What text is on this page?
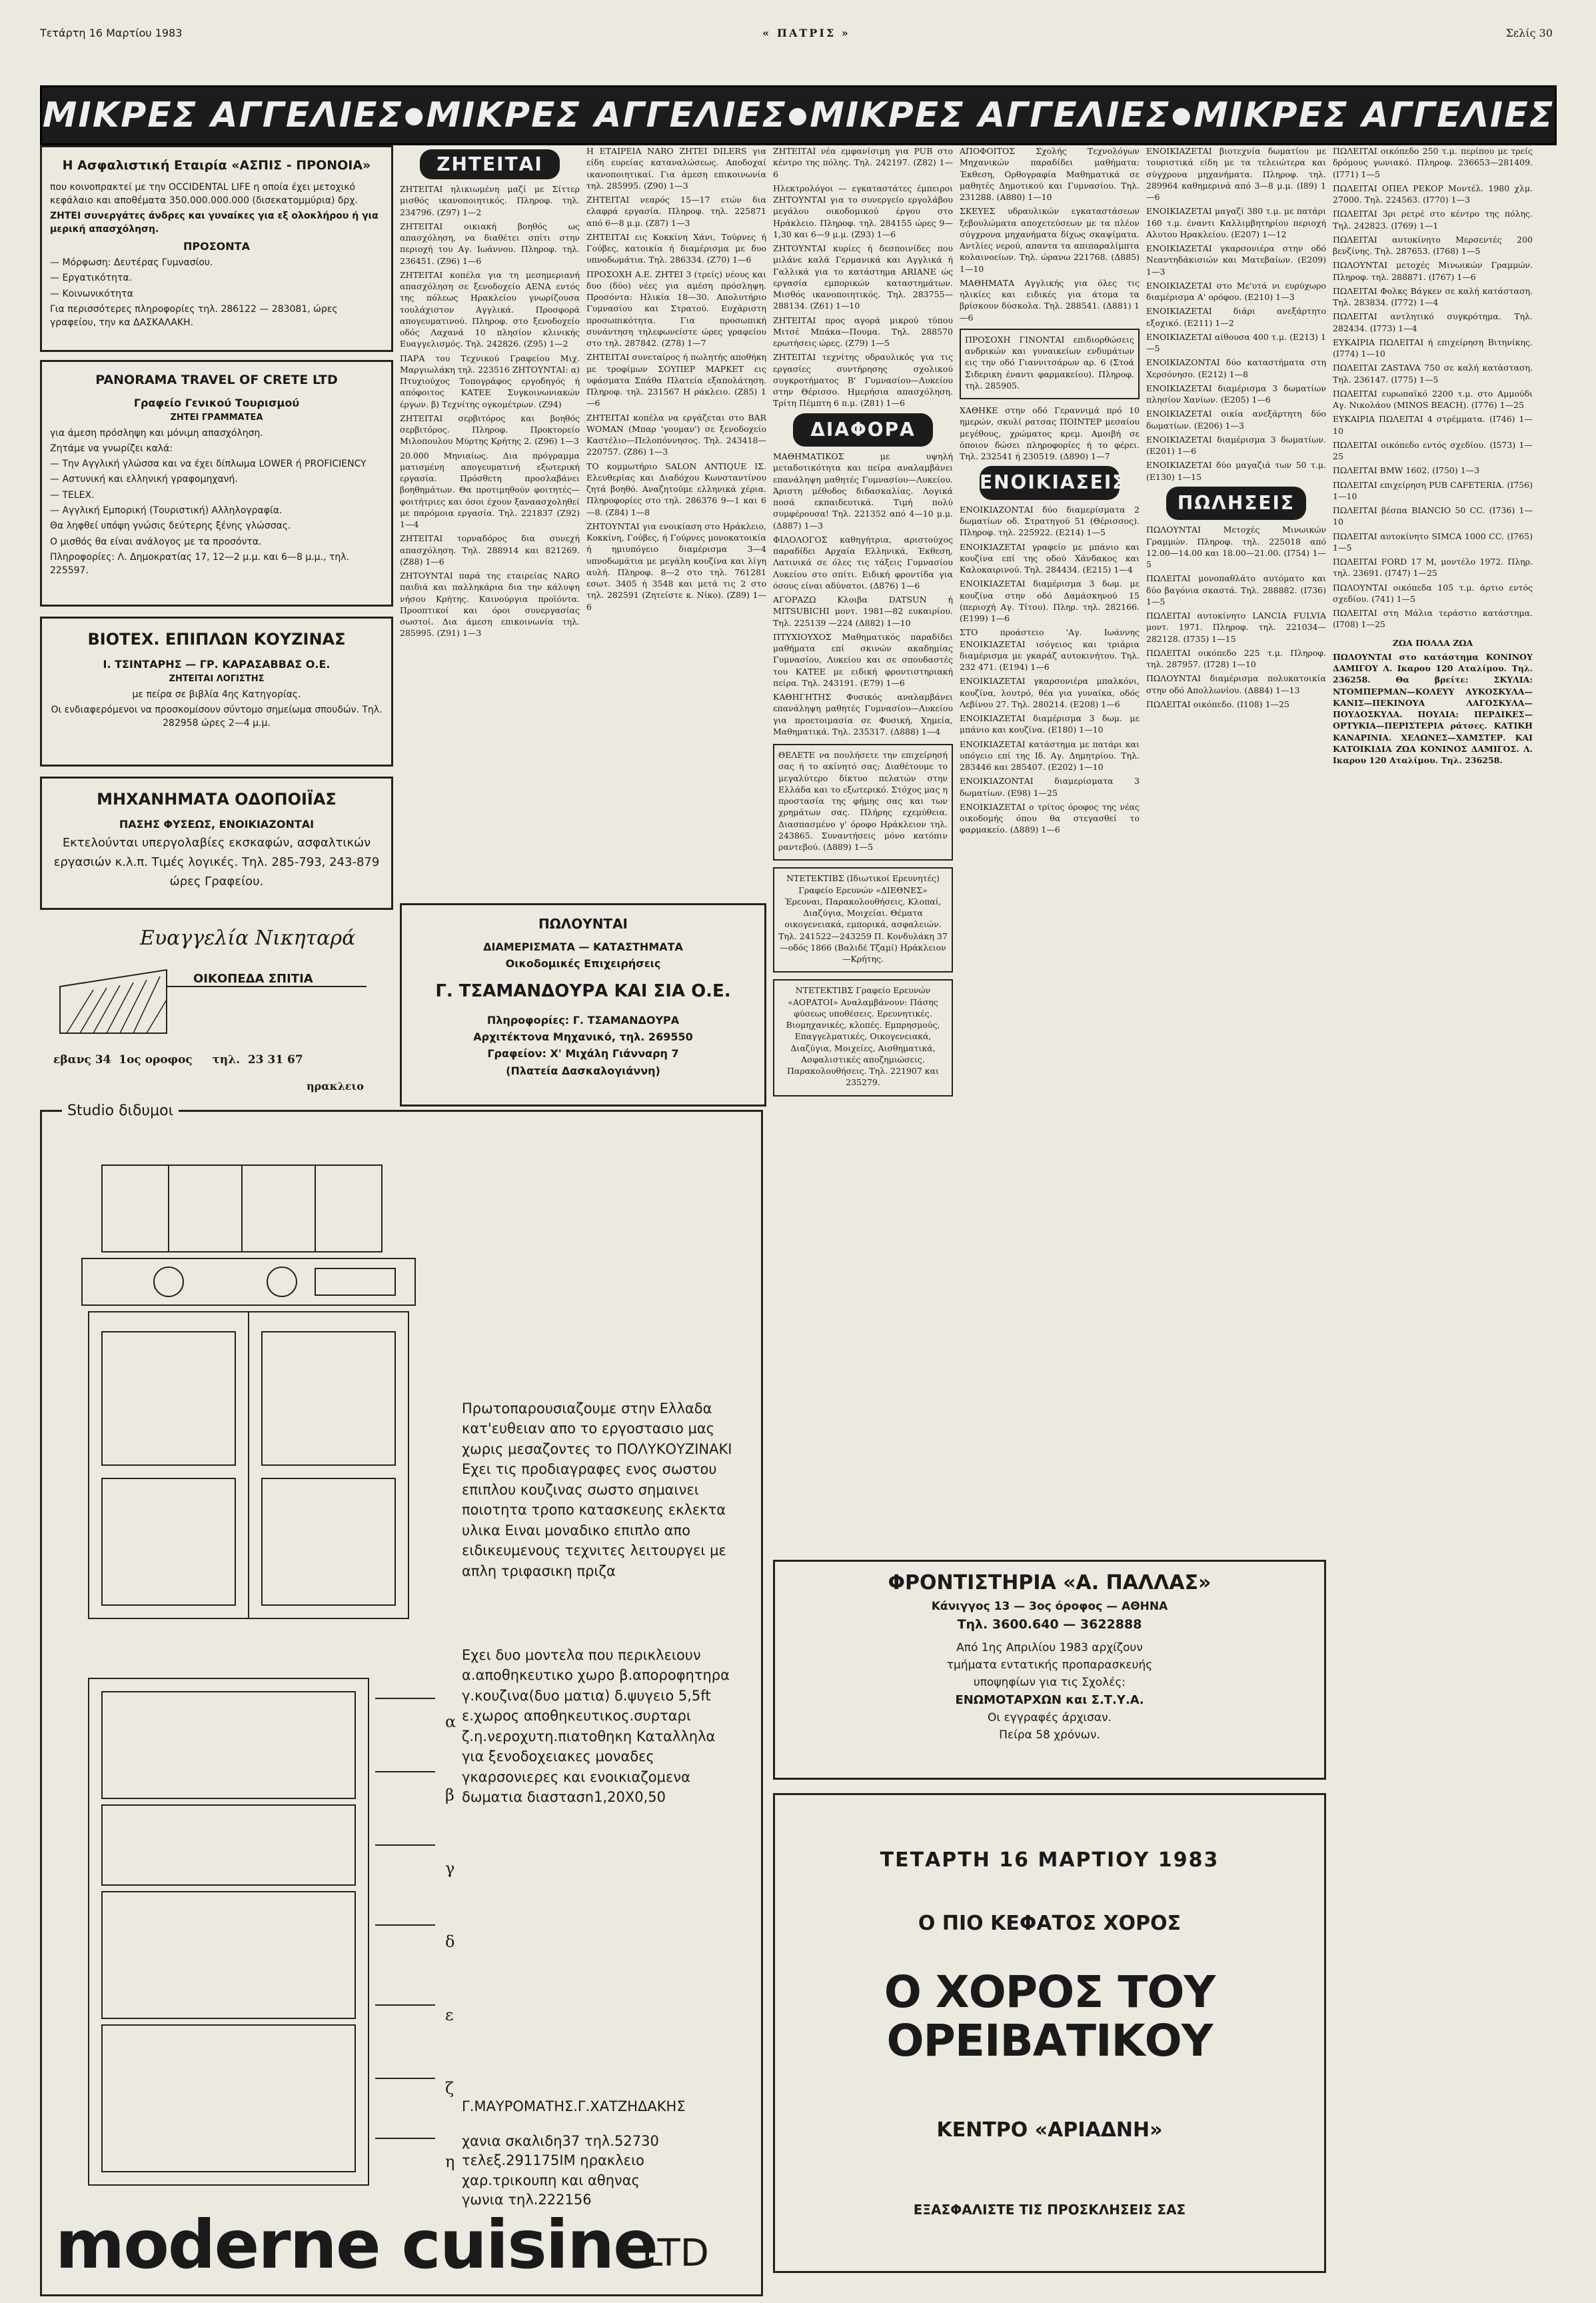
Τετάρτη 16 Μαρτίου 1983	« ΠΑΤΡΙΣ »	Σελίς 30
ΜΙΚΡΕΣ ΑΓΓΕΛΙΕΣ ● ΜΙΚΡΕΣ ΑΓΓΕΛΙΕΣ ● ΜΙΚΡΕΣ ΑΓΓΕΛΙΕΣ ● ΜΙΚΡΕΣ ΑΓΓΕΛΙΕΣ
Η Ασφαλιστική Εταιρία «ΑΣΠΙΣ - ΠΡΟΝΟΙΑ»

που κοινοπρακτεί με την OCCIDENTAL LIFE η οποία έχει μετοχικό κεφάλαιο και αποθέματα 350.000.000.000 (δισεκατομμύρια) δρχ.

ΖΗΤΕΙ συνεργάτες άνδρες και γυναίκες για εξ ολοκλήρου ή για μερική απασχόληση.

ΠΡΟΣΟΝΤΑ

— Μόρφωση: Δευτέρας Γυμνασίου.

— Εργατικότητα.

— Κοινωνικότητα

Για περισσότερες πληροφορίες τηλ. 286122 — 283081, ώρες γραφείου, την κα ΔΑΣΚΑΛΑΚΗ.

PANORAMA TRAVEL OF CRETE LTD

Γραφείο Γενικού Τουρισμού

ΖΗΤΕΙ ΓΡΑΜΜΑΤΕΑ

για άμεση πρόσληψη και μόνιμη απασχόληση.

Ζητάμε να γνωρίζει καλά:

— Την Αγγλική γλώσσα και να έχει δίπλωμα LOWER ή PROFICIENCY

— Αστυνική και ελληνική γραφομηχανή.

— TELEX.

— Αγγλική Εμπορική (Τουριστική) Αλληλογραφία.

Θα ληφθεί υπόψη γνώσις δεύτερης ξένης γλώσσας.

Ο μισθός θα είναι ανάλογος με τα προσόντα.

Πληροφορίες: Λ. Δημοκρατίας 17, 12—2 μ.μ. και 6—8 μ.μ., τηλ. 225597.

ΒΙΟΤΕΧ. ΕΠΙΠΛΩΝ ΚΟΥΖΙΝΑΣ

Ι. ΤΣΙΝΤΑΡΗΣ — ΓΡ. ΚΑΡΑΣΑΒΒΑΣ Ο.Ε.

ΖΗΤΕΙΤΑΙ ΛΟΓΙΣΤΗΣ

με πείρα σε βιβλία 4ης Κατηγορίας.

Οι ενδιαφερόμενοι να προσκομίσουν σύντομο σημείωμα σπουδών. Τηλ. 282958 ώρες 2—4 μ.μ.

ΜΗΧΑΝΗΜΑΤΑ ΟΔΟΠΟΙΪΑΣ

ΠΑΣΗΣ ΦΥΣΕΩΣ, ΕΝΟΙΚΙΑΖΟΝΤΑΙ

Εκτελούνται υπεργολαβίες εκσκαφών, ασφαλτικών εργασιών κ.λ.π. Τιμές λογικές. Τηλ. 285-793, 243-879 ώρες Γραφείου.

Ευαγγελία Νικηταρά
ΟΙΚΟΠΕΔΑ ΣΠΙΤΙΑ
εβανς 34  1ος οροφος     τηλ.  23 31 67
ηρακλειο
Studio διδυμοι
α
β
γ
δ
ε
ζ
η
Πρωτοπαρουσιαζουμε στην Ελλαδα κατ'ευθειαν απο το εργοστασιο μας χωρις μεσαζοντες το ΠΟΛΥΚΟΥΖΙΝΑΚΙ Εχει τις προδιαγραφες ενος σωστου επιπλου κουζινας σωστο σημαινει ποιοτητα τροπο κατασκευης εκλεκτα υλικα Ειναι μοναδικο επιπλο απο ειδικευμενους τεχνιτες λειτουργει με απλη τριφασικη πριζα
Εχει δυο μοντελα που περικλειουν α.αποθηκευτικο χωρο β.αποροφητηρα γ.κουζινα(δυο ματια) δ.ψυγειο 5,5ft ε.χωρος αποθηκευτικος.συρταρι ζ.η.νεροχυτη.πιατοθηκη Καταλληλα για ξενοδοχειακες μοναδες γκαρσονιερες και ενοικιαζομενα δωματια διαστασn1,20X0,50
Γ.ΜΑΥΡΟΜΑΤΗΣ.Γ.ΧΑΤΖΗΔΑΚΗΣ
χανια σκαλιδη37 τηλ.52730 τελεξ.291175IM ηρακλειο χαρ.τρικουπη και αθηνας γωνια τηλ.222156
moderne cuisine
LTD
ΖΗΤΕΙΤΑΙ

ΖΗΤΕΙΤΑΙ ηλικιωμένη μαζί με Σίττερ μισθός ικανοποιητικός. Πληροφ. τηλ. 234796. (Z97) 1—2

ΖΗΤΕΙΤΑΙ οικιακή βοηθός ως απασχόληση, να διαθέτει σπίτι στην περιοχή του Αγ. Ιωάννου. Πληροφ. τηλ. 236451. (Z96) 1—6

ΖΗΤΕΙΤΑΙ κοπέλα για τη μεσημεριανή απασχόληση σε ξενοδοχείο ΑΕΝΑ εντός της πόλεως Ηρακλείου γνωρίζουσα τουλάχιστον Αγγλικά. Προσφορά απογευματινού. Πληροφ. στο ξενοδοχείο οδός Λαχανά 10 πλησίον κλινικής Ευαγγελισμός. Τηλ. 242826. (Z95) 1—2

ΠΑΡΑ του Τεχνικού Γραφείου Μιχ. Μαργιωλάκη τηλ. 223516 ΖΗΤΟΥΝΤΑΙ: α) Πτυχιούχος Τοπογράφος εργοδηγός ή απόφοιτος ΚΑΤΕΕ Συγκοινωνιακών έργων. β) Τεχνίτης ογκομέτρων. (Z94)

ΖΗΤΕΙΤΑΙ σερβιτόρος και βοηθός σερβιτόρος. Πληροφ. Προκτορείο Μιλοπουλου Μύρτης Κρήτης 2. (Z96) 1—3

20.000 Μηνιαίως. Δια πρόγραμμα ματισμένη απογευματινή εξωτερική εργασία. Πρόσθετη προσλαβάνει βοηθημάτων. Θα προτιμηθούν φοιτητές—φοιτήτριες και όσοι έχουν ξαναασχοληθεί με παρόμοια εργασία. Τηλ. 221837 (Z92) 1—4

ΖΗΤΕΙΤΑΙ τορναδόρος δια συνεχή απασχόληση. Τηλ. 288914 και 821269. (Z88) 1—6

ΖΗΤΟΥΝΤΑΙ παρά της εταιρείας NARO παιδιά και παλληκάρια δια την κάλυψη νήσου Κρήτης. Καινούργια προϊόντα. Προοπτικοί και όροι συνεργασίας σωστοί. Δια άμεση επικοινωνία τηλ. 285995. (Z91) 1—3

Η ΕΤΑΙΡΕΙΑ NARO ΖΗΤΕΙ DILERS για είδη ευρείας καταναλώσεως. Αποδοχαί ικανοποιητικαί. Για άμεση επικοινωνία τηλ. 285995. (Z90) 1—3

ΖΗΤΕΙΤΑΙ νεαρός 15—17 ετών δια ελαφρά εργασία. Πληροφ. τηλ. 225871 από 6—8 μ.μ. (Z87) 1—3

ΖΗΤΕΙΤΑΙ εις Κοκκίνη Χάνι, Τούρνες ή Γούβες, κατοικία ή διαμέρισμα με δυο υπνοδωμάτια. Τηλ. 286334. (Z70) 1—6

ΠΡΟΣΟΧΗ Α.Ε. ΖΗΤΕΙ 3 (τρείς) νέους και δυο (δύο) νέες για αμέση πρόσληψη. Προσόντα: Ηλικία 18—30. Απολυτήριο Γυμνασίου και Στρατού. Ευχάριστη προσωπικότητα. Για προσωπική συνάντηση τηλεφωνείστε ώρες γραφείου στο τηλ. 287842. (Z78) 1—7

ΖΗΤΕΙΤΑΙ συνεταίρος ή πωλητής αποθήκη με τροφίμων ΣΟΥΠΕΡ ΜΑΡΚΕΤ εις υφάσματα Σπάθα Πλατεία εξαπολάτηση. Πληροφ. τηλ. 231567 Η ράκλειο. (Z85) 1—6

ΖΗΤΕΙΤΑΙ κοπέλα να εργάζεται στο BAR WOMAN (Μπαρ 'γουμαν') σε ξενοδοχείο Καστέλιο—Πελοπόννησος. Τηλ. 243418—220757. (Z86) 1—3

ΤΟ κομμωτήριο SALON ANTIQUE ΙΣ. Ελευθερίας και Διαδόχου Κωνσταντίνου ζητά βοηθό. Αναζητούμε ελληνικά χέρια. Πληροφορίες στο τηλ. 286376 9—1 και 6—8. (Z84) 1—8

ΖΗΤΟΥΝΤΑΙ για ενοικίαση στο Ηράκλειο, Κοκκίνη, Γούβες, ή Γούρνες μονοκατοικία ή ημιυπόγειο διαμέρισμα 3—4 υπνοδωμάτια με μεγάλη κουζίνα και λίγη αυλή. Πληροφ. 8—2 στο τηλ. 761281 εσωτ. 3405 ή 3548 και μετά τις 2 στο τηλ. 282591 (Ζητείστε κ. Νίκο). (Z89) 1—6

ΠΩΛΟΥΝΤΑΙ

ΔΙΑΜΕΡΙΣΜΑΤΑ — ΚΑΤΑΣΤΗΜΑΤΑ

Οικοδομικές Επιχειρήσεις

Γ. ΤΣΑΜΑΝΔΟΥΡΑ ΚΑΙ ΣΙΑ Ο.Ε.

Πληροφορίες: Γ. ΤΣΑΜΑΝΔΟΥΡΑ

Αρχιτέκτονα Μηχανικό, τηλ. 269550

Γραφείον: Χ' Μιχάλη Γιάνναρη 7

(Πλατεία Δασκαλογιάννη)

ΖΗΤΕΙΤΑΙ νέα εμφανίσιμη για PUB στο κέντρο της πόλης. Τηλ. 242197. (Z82) 1—6

Ηλεκτρολόγοι — εγκαταστάτες έμπειροι ΖΗΤΟΥΝΤΑΙ για το συνεργείο εργολάβου μεγάλου οικοδομικού έργου στο Ηράκλειο. Πληροφ. τηλ. 284155 ώρες 9—1,30 και 6—9 μ.μ. (Z93) 1—6

ΖΗΤΟΥΝΤΑΙ κυρίες ή δεσποινίδες που μιλάνε καλά Γερμανικά και Αγγλικά ή Γαλλικά για το κατάστημα ARIANE ώς εργασία εμπορικών καταστημάτων. Μισθός ικανοποιητικός. Τηλ. 283755—288134. (Z61) 1—10

ΖΗΤΕΙΤΑΙ προς αγορά μικρού τύπου Μιτσέ Μπάκα—Πουμα. Τηλ. 288570 ερωτήσεις ώρες. (Z79) 1—5

ΖΗΤΕΙΤΑΙ τεχνίτης υδραυλικός για τις εργασίες συντήρησης σχολικού συγκροτήματος Β' Γυμνασίου—Λυκείου στην Θέρισσο. Ημερήσια απασχόληση. Τρίτη Πέμπτη 6 π.μ. (Z81) 1—6

ΔΙΑΦΟΡΑ

ΜΑΘΗΜΑΤΙΚΟΣ με υψηλή μεταδοτικότητα και πείρα αναλαμβάνει επανάληψη μαθητές Γυμνασίου—Λυκείου. Άριστη μέθοδος διδασκαλίας. Λογικά ποσά εκπαιδευτικά. Τιμή πολύ συμφέρουσα! Τηλ. 221352 από 4—10 μ.μ. (Δ887) 1—3

ΦΙΛΟΛΟΓΟΣ καθηγήτρια, αριστούχος παραδίδει Αρχαία Ελληνικά, Έκθεση, Λατινικά σε όλες τις τάξεις Γυμνασίου Λυκείου στο σπίτι. Ειδική φροντίδα για όσους είναι αδύνατοι. (Δ876) 1—6

ΑΓΟΡΑΖΩ Κλοιβα DATSUN ή MITSUBICHI μοντ. 1981—82 ευκαιρίου. Τηλ. 225139 —224 (Δ882) 1—10

ΠΤΥΧΙΟΥΧΟΣ Μαθηματικός παραδίδει μαθήματα επί σκινών ακαδημίας Γυμνασίου, Λυκείου και σε σπουδαστές του ΚΑΤΕΕ με ειδική φροντιστηριακή πείρα. Τηλ. 243191. (E79) 1—6

ΚΑΘΗΓΗΤΗΣ Φυσικός αναλαμβάνει επανάληψη μαθητές Γυμνασίου—Λυκείου για προετοιμασία σε Φυσική, Χημεία, Μαθηματικά. Τηλ. 235317. (Δ888) 1—4

ΘΕΛΕΤΕ να πουλήσετε την επιχείρησή σας ή το ακίνητό σας; Διαθέτουμε το μεγαλύτερο δίκτυο πελατών στην Ελλάδα και το εξωτερικό. Στόχος μας η προστασία της φήμης σας και των χρημάτων σας. Πλήρης εχεμύθεια. Διασπασμένο γ' όροφο Ηράκλειον τηλ. 243865. Συναντήσεις μόνο κατόπιν ραντεβού. (Δ889) 1—5

ΝΤΕΤΕΚΤΙΒΣ (Ιδιωτικοί Ερευνητές) Γραφείο Ερευνών «ΔΙΕΘΝΕΣ» Έρευναι, Παρακολουθήσεις, Κλοπαί, Διαζύγια, Μοιχείαι. Θέματα οικογενειακά, εμπορικά, ασφαλειών. Τηλ. 241522—243259 Π. Κονδυλάκη 37—οδός 1866 (Βαλιδέ Τζαμί) Ηράκλειον—Κρήτης.

ΝΤΕΤΕΚΤΙΒΣ Γραφείο Ερευνών «ΑΟΡΑΤΟΙ» Αναλαμβάνουν: Πάσης φύσεως υποθέσεις. Ερευνητικές. Βιομηχανικές, κλοπές. Εμπρησμούς, Επαγγελματικές, Οικογενειακά, Διαζύγια, Μοιχείες, Αισθηματικά, Ασφαλιστικές αποζημιώσεις. Παρακολουθήσεις. Τηλ. 221907 και 235279.

ΑΠΟΦΟΙΤΟΣ Σχολής Τεχνολόγων Μηχανικών παραδίδει μαθήματα: Έκθεση, Ορθογραφία Μαθηματικά σε μαθητές Δημοτικού και Γυμνασίου. Τηλ. 231288. (A880) 1—10

ΣΚΕΥΕΣ υδραυλικών εγκαταστάσεων ξεβουλώματα αποχετεύσεων με τα πλέον σύγχρονα μηχανήματα δίχως σκαψίματα. Αντλίες νερού, απαντα τα απιπαραλίμπτα κολαινοείων. Τηλ. ώρανω 221768. (Δ885) 1—10

ΜΑΘΗΜΑΤΑ Αγγλικής για όλες τις ηλικίες και ειδικές για άτομα τα βρίσκουν δύσκολα. Τηλ. 288541. (Δ881) 1—6

ΠΡΟΣΟΧΗ ΓΙΝΟΝΤΑΙ επιδιορθώσεις ανδρικών και γυναικείων ενδυμάτων εις την οδό Γιαννιτσάρων αρ. 6 (Στοά Σιδερικη έναντι φαρμακείου). Πληροφ. τηλ. 285905.

ΧΑΘΗΚΕ στην οδό Γεραννιμά πρό 10 ημερών, σκυλί ρατσας ΠΟΙΝΤΕΡ μεσαίου μεγέθους, χρώματος κρεμ. Αμοιβή σε όποιον δώσει πληροφορίες ή το φέρει. Τηλ. 232541 ή 230519. (Δ890) 1—7

ΕΝΟΙΚΙΑΣΕΙΣ

ΕΝΟΙΚΙΑΖΟΝΤΑΙ δύο διαμερίσματα 2 δωματίων οδ. Στρατηγού 51 (Θέρισσος). Πληροφ. τηλ. 225922. (E214) 1—5

ΕΝΟΙΚΙΑΖΕΤΑΙ γραφείο με μπάνιο και κουζίνα επί της οδού Χάνδακος και Καλοκαιρινού. Τηλ. 284434. (E215) 1—4

ΕΝΟΙΚΙΑΖΕΤΑΙ διαμέρισμα 3 δωμ. με κουζίνα στην οδό Δαμάσκηνού 15 (περιοχή Αγ. Τίτου). Πληρ. τηλ. 282166. (E199) 1—6

ΣΤΟ προάστειο 'Αγ. Ιωάννης ΕΝΟΙΚΙΑΖΕΤΑΙ ισόγειος και τριάρια διαμέρισμα με γκαράζ αυτοκινήτου. Τηλ. 232 471. (E194) 1—6

ΕΝΟΙΚΙΑΖΕΤΑΙ γκαρσονιέρα μπαλκόνι, κουζίνα, λουτρό, θέα για γυναίκα, οδός Λεβίνου 27. Τηλ. 280214. (E208) 1—6

ΕΝΟΙΚΙΑΖΕΤΑΙ διαμέρισμα 3 δωμ. με μπάνιο και κουζίνα. (E180) 1—10

ΕΝΟΙΚΙΑΖΕΤΑΙ κατάστημα με πατάρι και υπόγειο επί της Ιδ. Αγ. Δημητρίου. Τηλ. 283446 και 285407. (E202) 1—10

ΕΝΟΙΚΙΑΖΟΝΤΑΙ διαμερίσματα 3 δωματίων. (E98) 1—25

ΕΝΟΙΚΙΑΖΕΤΑΙ ο τρίτος όροφος της νέας οικοδομής όπου θα στεγασθεί το φαρμακείο. (Δ889) 1—6

ΕΝΟΙΚΙΑΖΕΤΑΙ βιοτεχνία δωματίου με τουριστικά είδη με τα τελειώτερα και σύγχρονα μηχανήματα. Πληροφ. τηλ. 289964 καθημερινά από 3—8 μ.μ. (I89) 1—6

ΕΝΟΙΚΙΑΖΕΤΑΙ μαγαζί 380 τ.μ. με πατάρι 160 τ.μ. έναντι Καλλιμβητηρίου περιοχή Αλυτου Ηρακλείου. (E207) 1—12

ΕΝΟΙΚΙΑΖΕΤΑΙ γκαρσονιέρα στην οδό Νεαντηδάκισιών και Ματεβαίων. (E209) 1—3

ΕΝΟΙΚΙΑΖΕΤΑΙ στο Με'υτά νι ευρύχωρο διαμέρισμα Α' ορόφου. (E210) 1—3

ΕΝΟΙΚΙΑΖΕΤΑΙ διάρι ανεξάρτητο εξοχικό. (E211) 1—2

ΕΝΟΙΚΙΑΖΕΤΑΙ αίθουσα 400 τ.μ. (E213) 1—5

ΕΝΟΙΚΙΑΖΟΝΤΑΙ δύο καταστήματα στη Χερσόνησο. (E212) 1—8

ΕΝΟΙΚΙΑΖΕΤΑΙ διαμέρισμα 3 δωματίων πλησίον Χανίων. (E205) 1—6

ΕΝΟΙΚΙΑΖΕΤΑΙ οικία ανεξάρτητη δύο δωματίων. (E206) 1—3

ΕΝΟΙΚΙΑΖΕΤΑΙ διαμέρισμα 3 δωματίων. (E201) 1—6

ΕΝΟΙΚΙΑΖΕΤΑΙ δύο μαγαζιά των 50 τ.μ. (E130) 1—15

ΠΩΛΗΣΕΙΣ

ΠΩΛΟΥΝΤΑΙ Μετοχές Μινωικών Γραμμών. Πληροφ. τηλ. 225018 από 12.00—14.00 και 18.00—21.00. (I754) 1—5

ΠΩΛΕΙΤΑΙ μονοπαθλάτο αυτόματο και δύο βαγόνια σκαστά. Τηλ. 288882. (I736) 1—5

ΠΩΛΕΙΤΑΙ αυτοκίνητο LANCIA FULVIA μοντ. 1971. Πληροφ. τηλ. 221034—282128. (I735) 1—15

ΠΩΛΕΙΤΑΙ οικόπεδο 225 τ.μ. Πληροφ. τηλ. 287957. (I728) 1—10

ΠΩΛΟΥΝΤΑΙ διαμέρισμα πολυκατοικία στην οδό Απολλωνίου. (Δ884) 1—13

ΠΩΛΕΙΤΑΙ οικόπεδο. (I108) 1—25

ΠΩΛΕΙΤΑΙ οικόπεδο 250 τ.μ. περίπου με τρείς δρόμους γωνιακό. Πληροφ. 236653—281409. (I771) 1—5

ΠΩΛΕΙΤΑΙ ΟΠΕΛ ΡΕΚΟΡ Μοντέλ. 1980 χλμ. 27000. Τηλ. 224563. (I770) 1—3

ΠΩΛΕΙΤΑΙ 3ρι ρετρέ στο κέντρο της πόλης. Τηλ. 242823. (I769) 1—1

ΠΩΛΕΙΤΑΙ αυτοκίνητο Μερσεντές 200 βενζίνης. Τηλ. 287653. (I768) 1—5

ΠΩΛΟΥΝΤΑΙ μετοχές Μινωικών Γραμμών. Πληροφ. τηλ. 288871. (I767) 1—6

ΠΩΛΕΙΤΑΙ Φολκς Βάγκεν σε καλή κατάσταση. Τηλ. 283834. (I772) 1—4

ΠΩΛΕΙΤΑΙ αντλητικό συγκρότημα. Τηλ. 282434. (I773) 1—4

ΕΥΚΑΙΡΙΑ ΠΩΛΕΙΤΑΙ ή επιχείρηση Βιτηνίκης. (I774) 1—10

ΠΩΛΕΙΤΑΙ ZASTAVA 750 σε καλή κατάσταση. Τηλ. 236147. (I775) 1—5

ΠΩΛΕΙΤΑΙ ευρωπαϊκό 2200 τ.μ. στο Αμμούδι Αγ. Νικολάου (MINOS BEACH). (I776) 1—25

ΕΥΚΑΙΡΙΑ ΠΩΛΕΙΤΑΙ 4 στρέμματα. (I746) 1—10

ΠΩΛΕΙΤΑΙ οικόπεδο εντός σχεδίου. (I573) 1—25

ΠΩΛΕΙΤΑΙ BMW 1602. (I750) 1—3

ΠΩΛΕΙΤΑΙ επιχείρηση PUB CAFETERIA. (I756) 1—10

ΠΩΛΕΙΤΑΙ βέσπα BIANCIO 50 CC. (I736) 1—10

ΠΩΛΕΙΤΑΙ αυτοκίνητο SIMCA 1000 CC. (I765) 1—5

ΠΩΛΕΙΤΑΙ FORD 17 M, μοντέλο 1972. Πληρ. τηλ. 23691. (I747) 1—25

ΠΩΛΟΥΝΤΑΙ οικόπεδα 105 τ.μ. άρτιο εντός σχεδίου. (741) 1—5

ΠΩΛΕΙΤΑΙ στη Μάλια τεράστιο κατάστημα. (I708) 1—25

ΖΩΑ ΠΟΛΛΑ ΖΩΑ

ΠΩΛΟΥΝΤΑΙ στο κατάστημα ΚΟΝΙΝΟΥ ΔΑΜΙΓΟΥ Λ. Ικαρου 120 Αταλίμου. Τηλ. 236258. Θα βρείτε: ΣΚΥΛΙΑ: ΝΤΟΜΠΕΡΜΑΝ—ΚΟΛΕΥΥ ΑΥΚΟΣΚΥΛΑ—ΚΑΝΙΣ—ΠΕΚΙΝΟΥΑ ΛΑΓΟΣΚΥΛΑ—ΠΟΥΔΟΣΚΥΛΑ. ΠΟΥΛΙΑ: ΠΕΡΔΙΚΕΣ—ΟΡΤΥΚΙΑ—ΠΕΡΙΣΤΕΡΙΑ ράτσες. ΚΑΤΙΚΗ ΚΑΝΑΡΙΝΙΑ. ΧΕΛΩΝΕΣ—ΧΑΜΣΤΕΡ. ΚΑΙ ΚΑΤΟΙΚΙΔΙΑ ΖΩΑ ΚΟΝΙΝΟΣ ΔΑΜΙΓΟΣ. Λ. Ικαρου 120 Αταλίμου. Τηλ. 236258.

ΦΡΟΝΤΙΣΤΗΡΙΑ «Α. ΠΑΛΛΑΣ»
Κάνιγγος 13 — 3ος όροφος — ΑΘΗΝΑ
Τηλ. 3600.640 — 3622888
Από 1ης Απριλίου 1983 αρχίζουν
τμήματα εντατικής προπαρασκευής
υποψηφίων για τις Σχολές:
ΕΝΩΜΟΤΑΡΧΩΝ και Σ.Τ.Υ.Α.
Οι εγγραφές άρχισαν.
Πείρα 58 χρόνων.
ΤΕΤΑΡΤΗ 16 ΜΑΡΤΙΟΥ 1983
Ο ΠΙΟ ΚΕΦΑΤΟΣ ΧΟΡΟΣ
Ο ΧΟΡΟΣ ΤΟΥ ΟΡΕΙΒΑΤΙΚΟΥ
ΚΕΝΤΡΟ «ΑΡΙΑΔΝΗ»
ΕΞΑΣΦΑΛΙΣΤΕ ΤΙΣ ΠΡΟΣΚΛΗΣΕΙΣ ΣΑΣ
